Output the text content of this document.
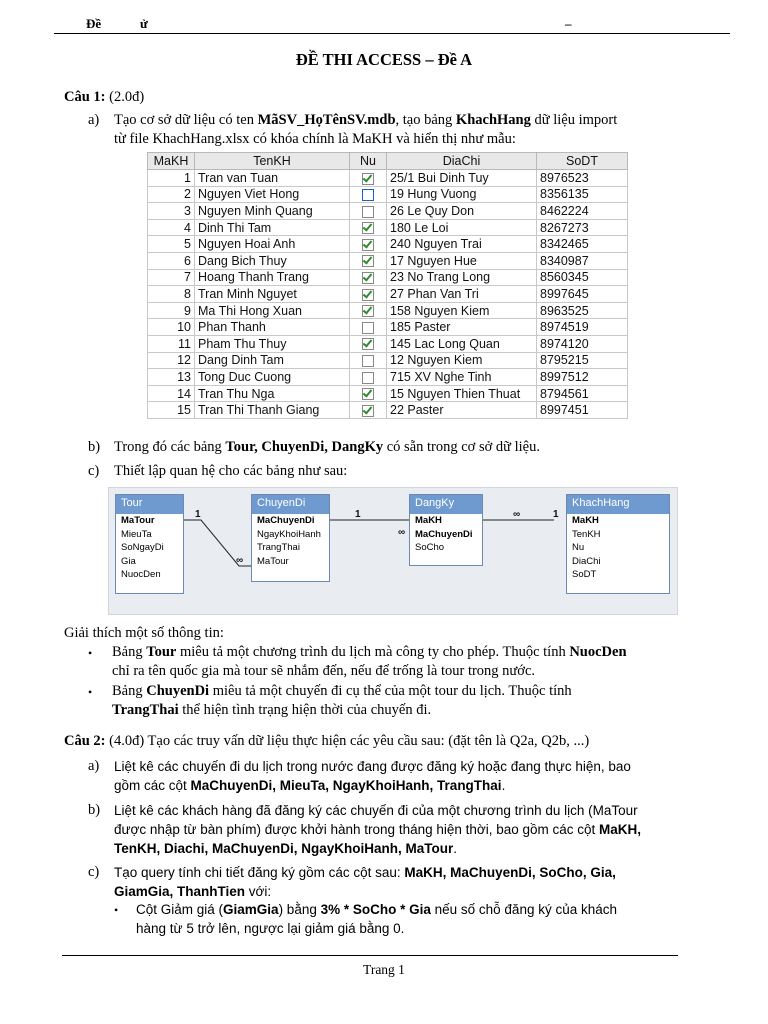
Đề	ử	–
ĐỀ THI ACCESS – Đề A
Câu 1: (2.0đ)
a) Tạo cơ sở dữ liệu có ten MãSV_HọTênSV.mdb, tạo bảng KhachHang dữ liệu import
từ file KhachHang.xlsx có khóa chính là MaKH và hiển thị như mẫu:
MaKH	TenKH	Nu	DiaChi	SoDT
1	Tran van Tuan		25/1 Bui Dinh Tuy	8976523
2	Nguyen Viet Hong		19 Hung Vuong	8356135
3	Nguyen Minh Quang		26 Le Quy Don	8462224
4	Dinh Thi Tam		180 Le Loi	8267273
5	Nguyen Hoai Anh		240 Nguyen Trai	8342465
6	Dang Bich Thuy		17 Nguyen Hue	8340987
7	Hoang Thanh Trang		23 No Trang Long	8560345
8	Tran Minh Nguyet		27 Phan Van Tri	8997645
9	Ma Thi Hong Xuan		158 Nguyen Kiem	8963525
10	Phan Thanh		185 Paster	8974519
11	Pham Thu Thuy		145 Lac Long Quan	8974120
12	Dang Dinh Tam		12 Nguyen Kiem	8795215
13	Tong Duc Cuong		715 XV Nghe Tinh	8997512
14	Tran Thu Nga		15 Nguyen Thien Thuat	8794561
15	Tran Thi Thanh Giang		22 Paster	8997451
b) Trong đó các bảng Tour, ChuyenDi, DangKy có sẵn trong cơ sở dữ liệu.
c) Thiết lập quan hệ cho các bảng như sau:
1
∞
1
∞
∞	1
Tour
MaTour
MieuTa
SoNgayDi
Gia
NuocDen
ChuyenDi
MaChuyenDi
NgayKhoiHanh
TrangThai
MaTour
DangKy
MaKH
MaChuyenDi
SoCho
KhachHang
MaKH
TenKH
Nu
DiaChi
SoDT
Giải thích một số thông tin:
• Bảng Tour miêu tả một chương trình du lịch mà công ty cho phép. Thuộc tính NuocDen
chỉ ra tên quốc gia mà tour sẽ nhắm đến, nếu để trống là tour trong nước.
• Bảng ChuyenDi miêu tả một chuyến đi cụ thể của một tour du lịch. Thuộc tính
TrangThai thể hiện tình trạng hiện thời của chuyến đi.
Câu 2: (4.0đ) Tạo các truy vấn dữ liệu thực hiện các yêu cầu sau: (đặt tên là Q2a, Q2b, ...)
a) Liệt kê các chuyến đi du lịch trong nước đang được đăng ký hoặc đang thực hiện, bao
gồm các cột MaChuyenDi, MieuTa, NgayKhoiHanh, TrangThai.
b) Liệt kê các khách hàng đã đăng ký các chuyến đi của một chương trình du lịch (MaTour
được nhập từ bàn phím) được khởi hành trong tháng hiện thời, bao gồm các cột MaKH,
TenKH, Diachi, MaChuyenDi, NgayKhoiHanh, MaTour.
c) Tạo query tính chi tiết đăng ký gồm các cột sau: MaKH, MaChuyenDi, SoCho, Gia,
GiamGia, ThanhTien với:
• Cột Giảm giá (GiamGia) bằng 3% * SoCho * Gia nếu số chỗ đăng ký của khách
hàng từ 5 trở lên, ngược lại giảm giá bằng 0.
Trang 1
